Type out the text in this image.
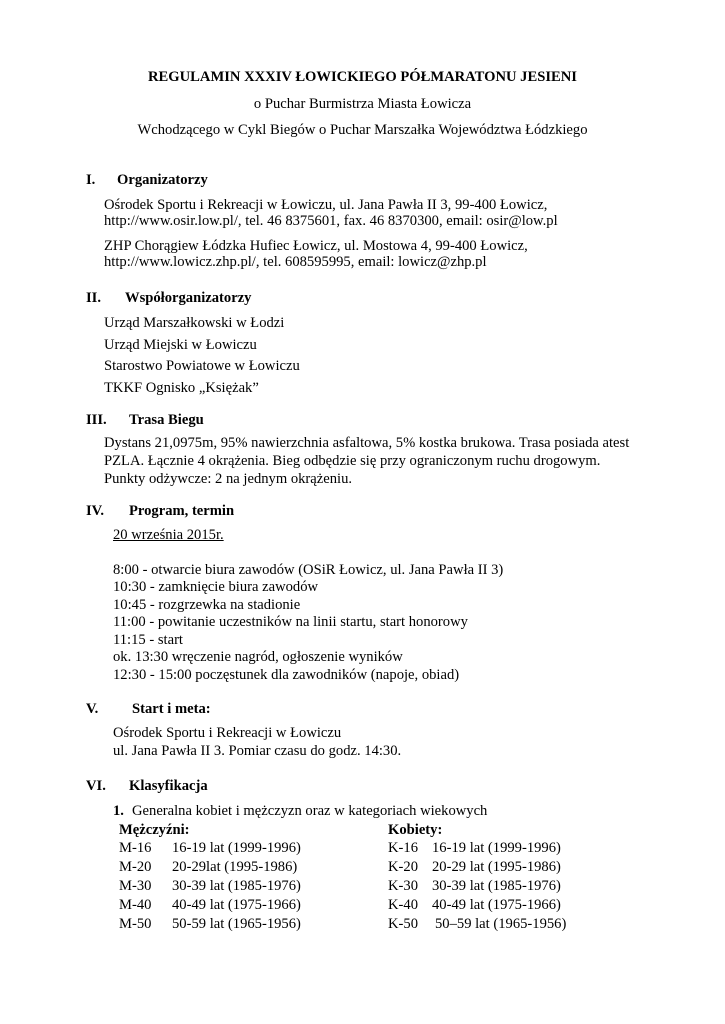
REGULAMIN XXXIV ŁOWICKIEGO PÓŁMARATONU JESIENI
o Puchar Burmistrza Miasta Łowicza
Wchodzącego w Cykl Biegów o Puchar Marszałka Województwa Łódzkiego
I. Organizatorzy
Ośrodek Sportu i Rekreacji w Łowiczu, ul. Jana Pawła II 3, 99-400 Łowicz,
http://www.osir.low.pl/, tel. 46 8375601, fax. 46 8370300, email: osir@low.pl
ZHP Chorągiew Łódzka Hufiec Łowicz, ul. Mostowa 4, 99-400 Łowicz,
http://www.lowicz.zhp.pl/, tel. 608595995, email: lowicz@zhp.pl
II. Współorganizatorzy
Urząd Marszałkowski w Łodzi
Urząd Miejski w Łowiczu
Starostwo Powiatowe w Łowiczu
TKKF Ognisko „Księżak”
III. Trasa Biegu
Dystans 21,0975m, 95% nawierzchnia asfaltowa, 5% kostka brukowa. Trasa posiada atest
PZLA. Łącznie 4 okrążenia. Bieg odbędzie się przy ograniczonym ruchu drogowym.
Punkty odżywcze: 2 na jednym okrążeniu.
IV. Program, termin
20 września 2015r.
8:00 - otwarcie biura zawodów (OSiR Łowicz, ul. Jana Pawła II 3)
10:30 - zamknięcie biura zawodów
10:45 - rozgrzewka na stadionie
11:00 - powitanie uczestników na linii startu, start honorowy
11:15 - start
ok. 13:30 wręczenie nagród, ogłoszenie wyników
12:30 - 15:00 poczęstunek dla zawodników (napoje, obiad)
V. Start i meta:
Ośrodek Sportu i Rekreacji w Łowiczu
ul. Jana Pawła II 3. Pomiar czasu do godz. 14:30.
VI. Klasyfikacja
1. Generalna kobiet i mężczyzn oraz w kategoriach wiekowych
Mężczyźni:	Kobiety:
M-16 16-19 lat (1999-1996)
M-20 20-29lat (1995-1986)
M-30 30-39 lat (1985-1976)
M-40 40-49 lat (1975-1966)
M-50 50-59 lat (1965-1956)
K-16 16-19 lat (1999-1996)
K-20 20-29 lat (1995-1986)
K-30 30-39 lat (1985-1976)
K-40 40-49 lat (1975-1966)
K-50 50–59 lat (1965-1956)
